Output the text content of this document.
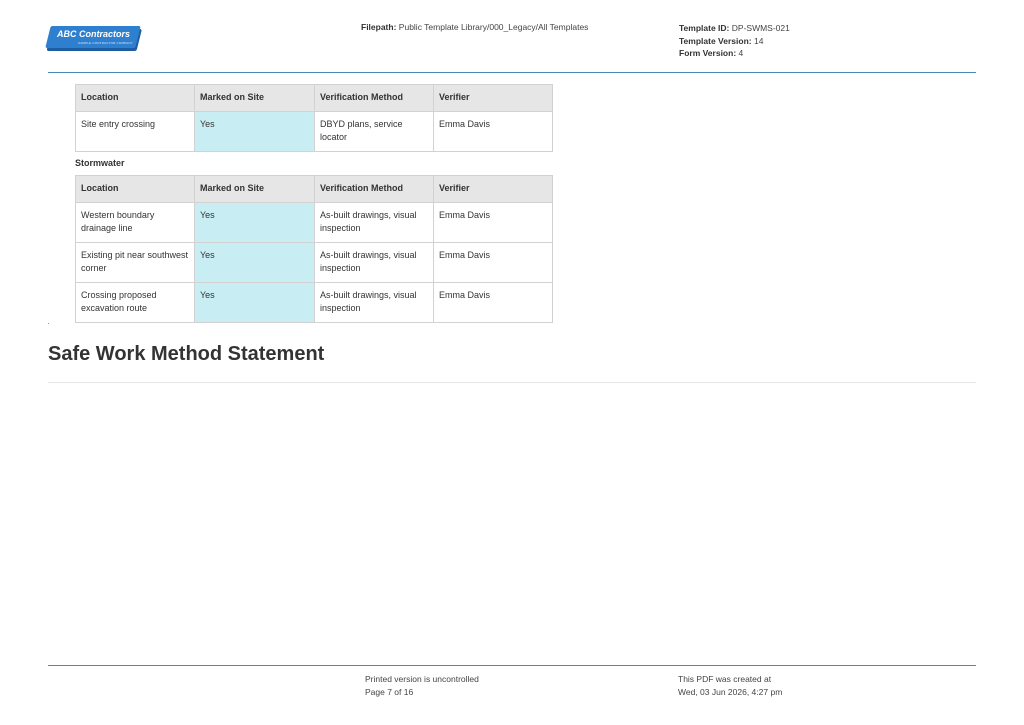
ABC Contractors
SAMPLE CONTRACTOR COMPANY
Filepath: Public Template Library/000_Legacy/All Templates	Template ID: DP-SWMS-021
Template Version: 14
Form Version: 4
Location	Marked on Site	Verification Method	Verifier
Site entry crossing	Yes	DBYD plans, service locator	Emma Davis
Stormwater
Location	Marked on Site	Verification Method	Verifier
Western boundary drainage line	Yes	As-built drawings, visual inspection	Emma Davis
Existing pit near southwest corner	Yes	As-built drawings, visual inspection	Emma Davis
Crossing proposed excavation route	Yes	As-built drawings, visual inspection	Emma Davis
Safe Work Method Statement
Printed version is uncontrolled
Page 7 of 16
This PDF was created at
Wed, 03 Jun 2026, 4:27 pm
